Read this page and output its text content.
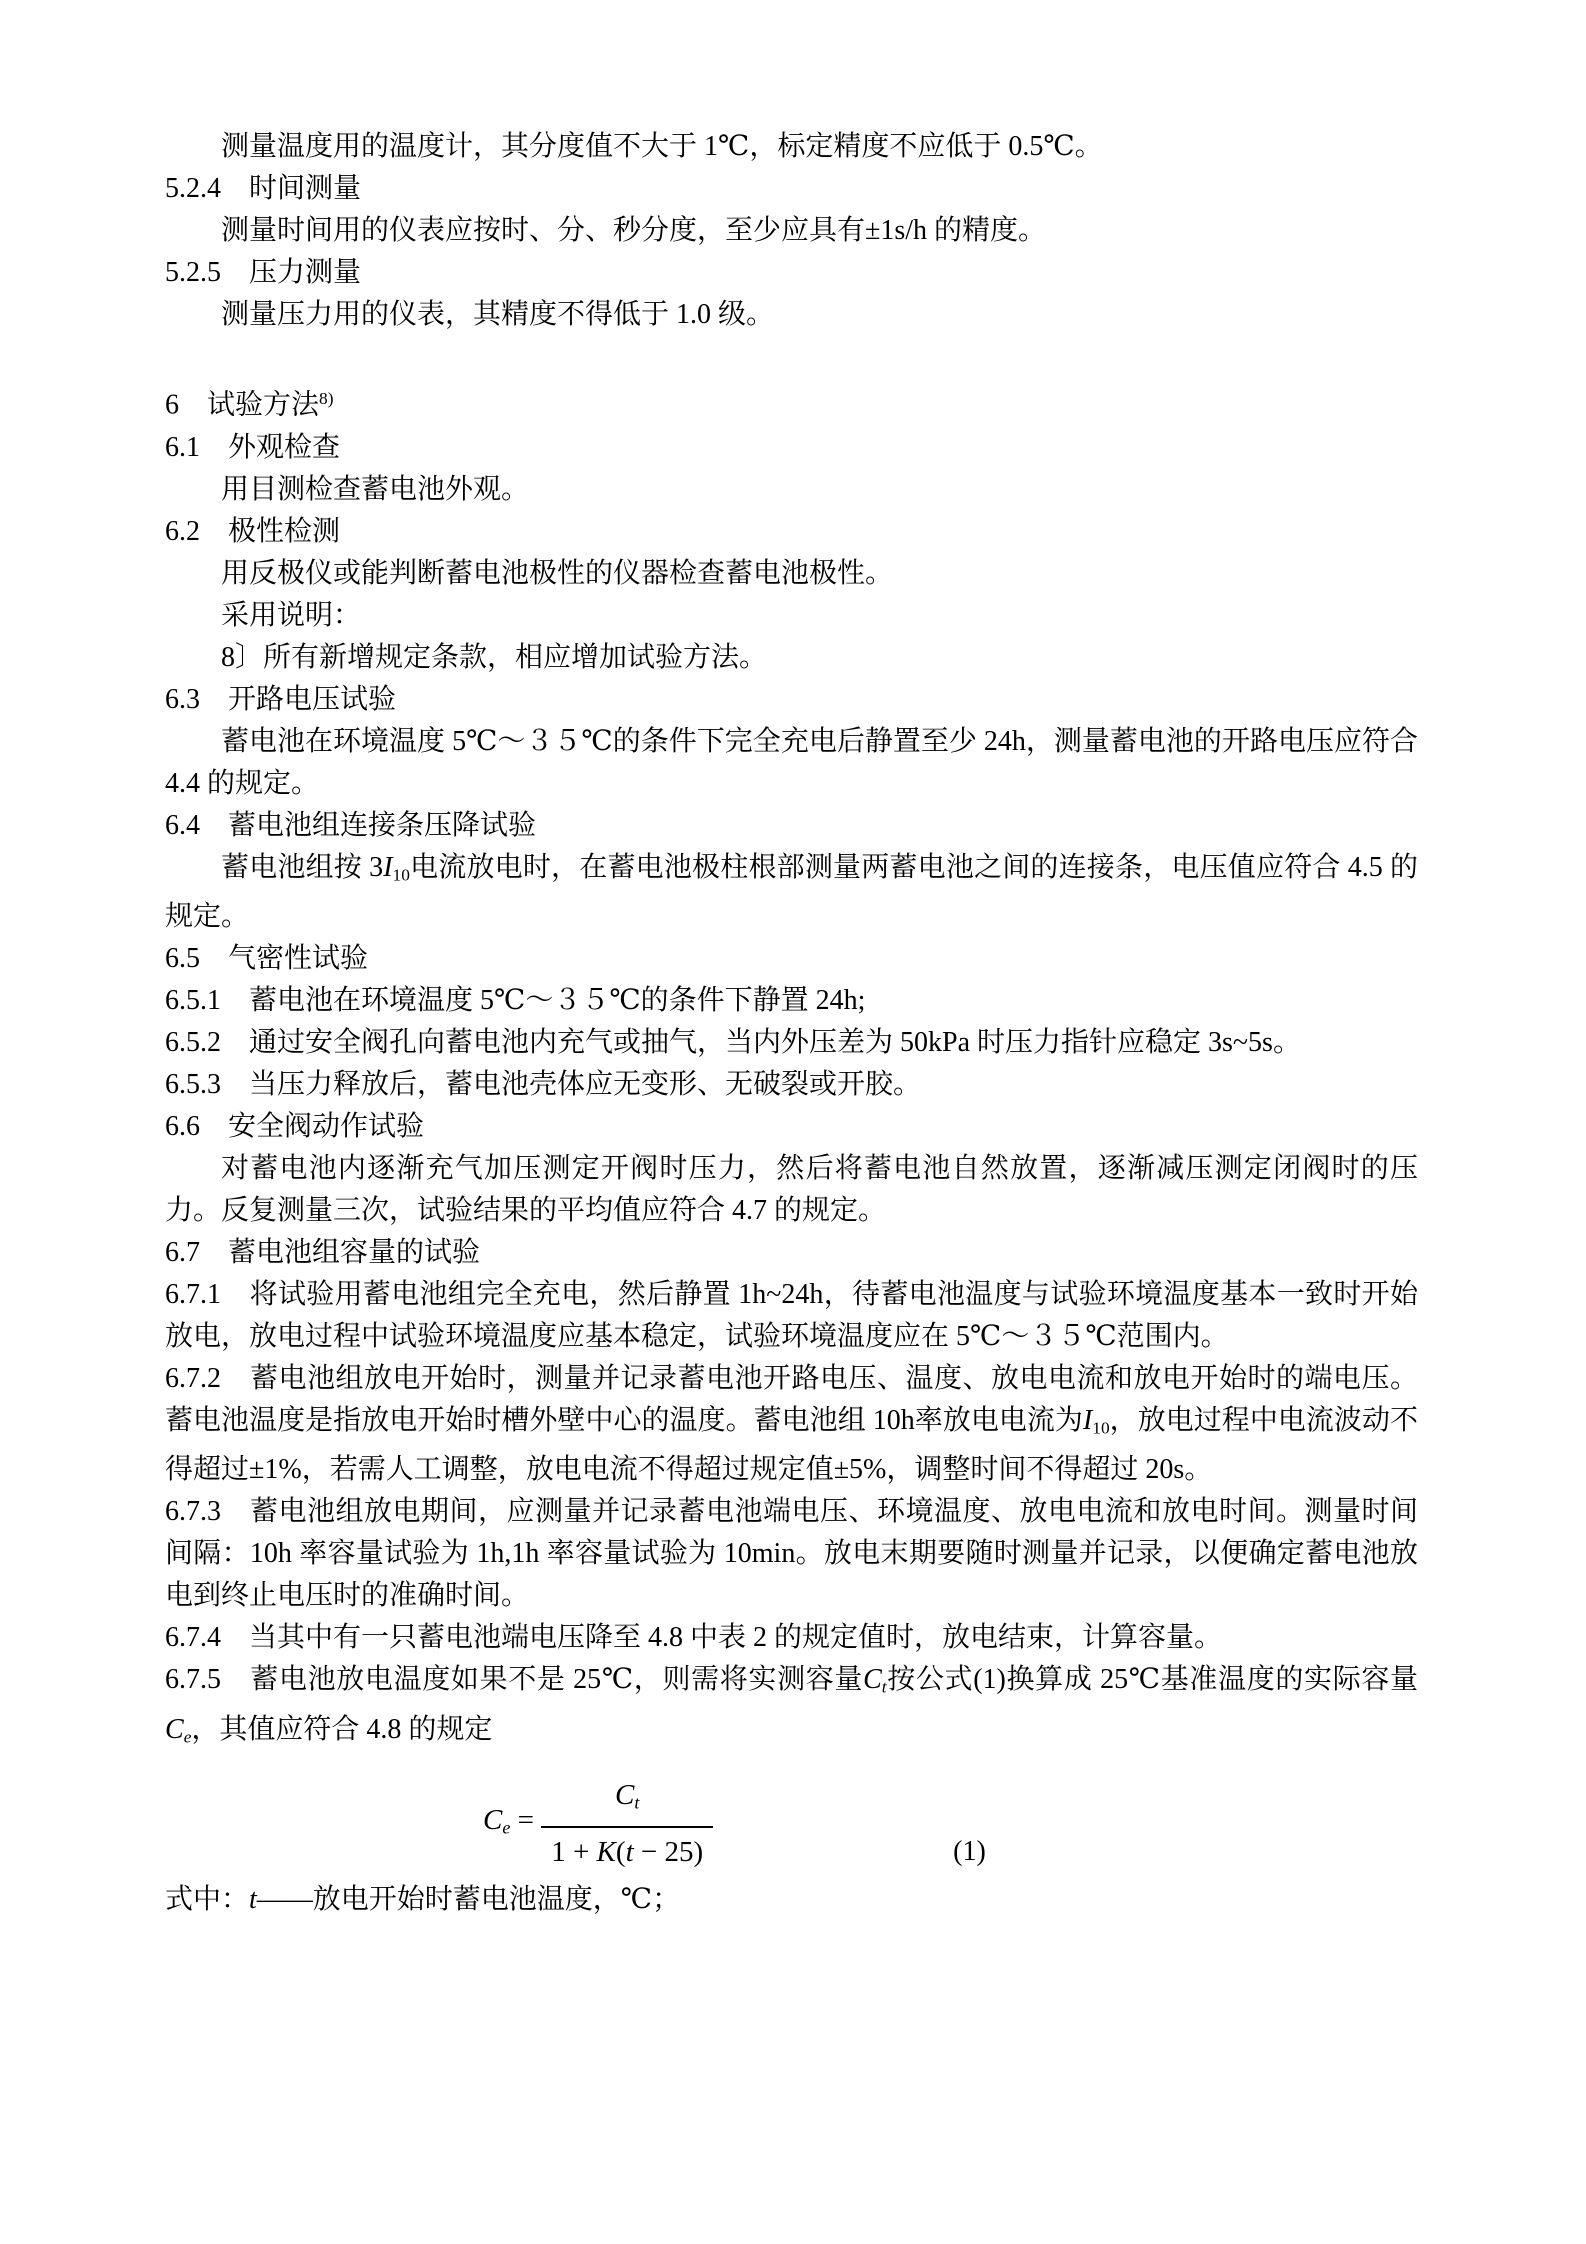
测量温度用的温度计，其分度值不大于 1℃，标定精度不应低于 0.5℃。
5.2.4　时间测量
测量时间用的仪表应按时、分、秒分度，至少应具有±1s/h 的精度。
5.2.5　压力测量
测量压力用的仪表，其精度不得低于 1.0 级。
6　试验方法$^{8)}$
6.1　外观检查
用目测检查蓄电池外观。
6.2　极性检测
用反极仪或能判断蓄电池极性的仪器检查蓄电池极性。
采用说明：
8〕所有新增规定条款，相应增加试验方法。
6.3　开路电压试验
蓄电池在环境温度 5℃～３５℃的条件下完全充电后静置至少 24h，测量蓄电池的开路电压应符合 4.4 的规定。
6.4　蓄电池组连接条压降试验
蓄电池组按 $3I_{10}$电流放电时，在蓄电池极柱根部测量两蓄电池之间的连接条，电压值应符合 4.5 的规定。
6.5　气密性试验
6.5.1　蓄电池在环境温度 5℃～３５℃的条件下静置 24h;
6.5.2　通过安全阀孔向蓄电池内充气或抽气，当内外压差为 50kPa 时压力指针应稳定 3s~5s。
6.5.3　当压力释放后，蓄电池壳体应无变形、无破裂或开胶。
6.6　安全阀动作试验
对蓄电池内逐渐充气加压测定开阀时压力，然后将蓄电池自然放置，逐渐减压测定闭阀时的压力。反复测量三次，试验结果的平均值应符合 4.7 的规定。
6.7　蓄电池组容量的试验
6.7.1　将试验用蓄电池组完全充电，然后静置 1h~24h，待蓄电池温度与试验环境温度基本一致时开始放电，放电过程中试验环境温度应基本稳定，试验环境温度应在 5℃～３５℃范围内。
6.7.2　蓄电池组放电开始时，测量并记录蓄电池开路电压、温度、放电电流和放电开始时的端电压。蓄电池温度是指放电开始时槽外壁中心的温度。蓄电池组 10h率放电电流为$I_{10}$，放电过程中电流波动不得超过±1%，若需人工调整，放电电流不得超过规定值±5%，调整时间不得超过 20s。
6.7.3　蓄电池组放电期间，应测量并记录蓄电池端电压、环境温度、放电电流和放电时间。测量时间间隔：10h 率容量试验为 1h,1h 率容量试验为 10min。放电末期要随时测量并记录，以便确定蓄电池放电到终止电压时的准确时间。
6.7.4　当其中有一只蓄电池端电压降至 4.8 中表 2 的规定值时，放电结束，计算容量。
6.7.5　蓄电池放电温度如果不是 25℃，则需将实测容量$C_t$按公式(1)换算成 25℃基准温度的实际容量$C_e$，其值应符合 4.8 的规定
$C_e = \frac{C_t}{1 + K(t - 25)}$	(1)
式中：t——放电开始时蓄电池温度，℃；
